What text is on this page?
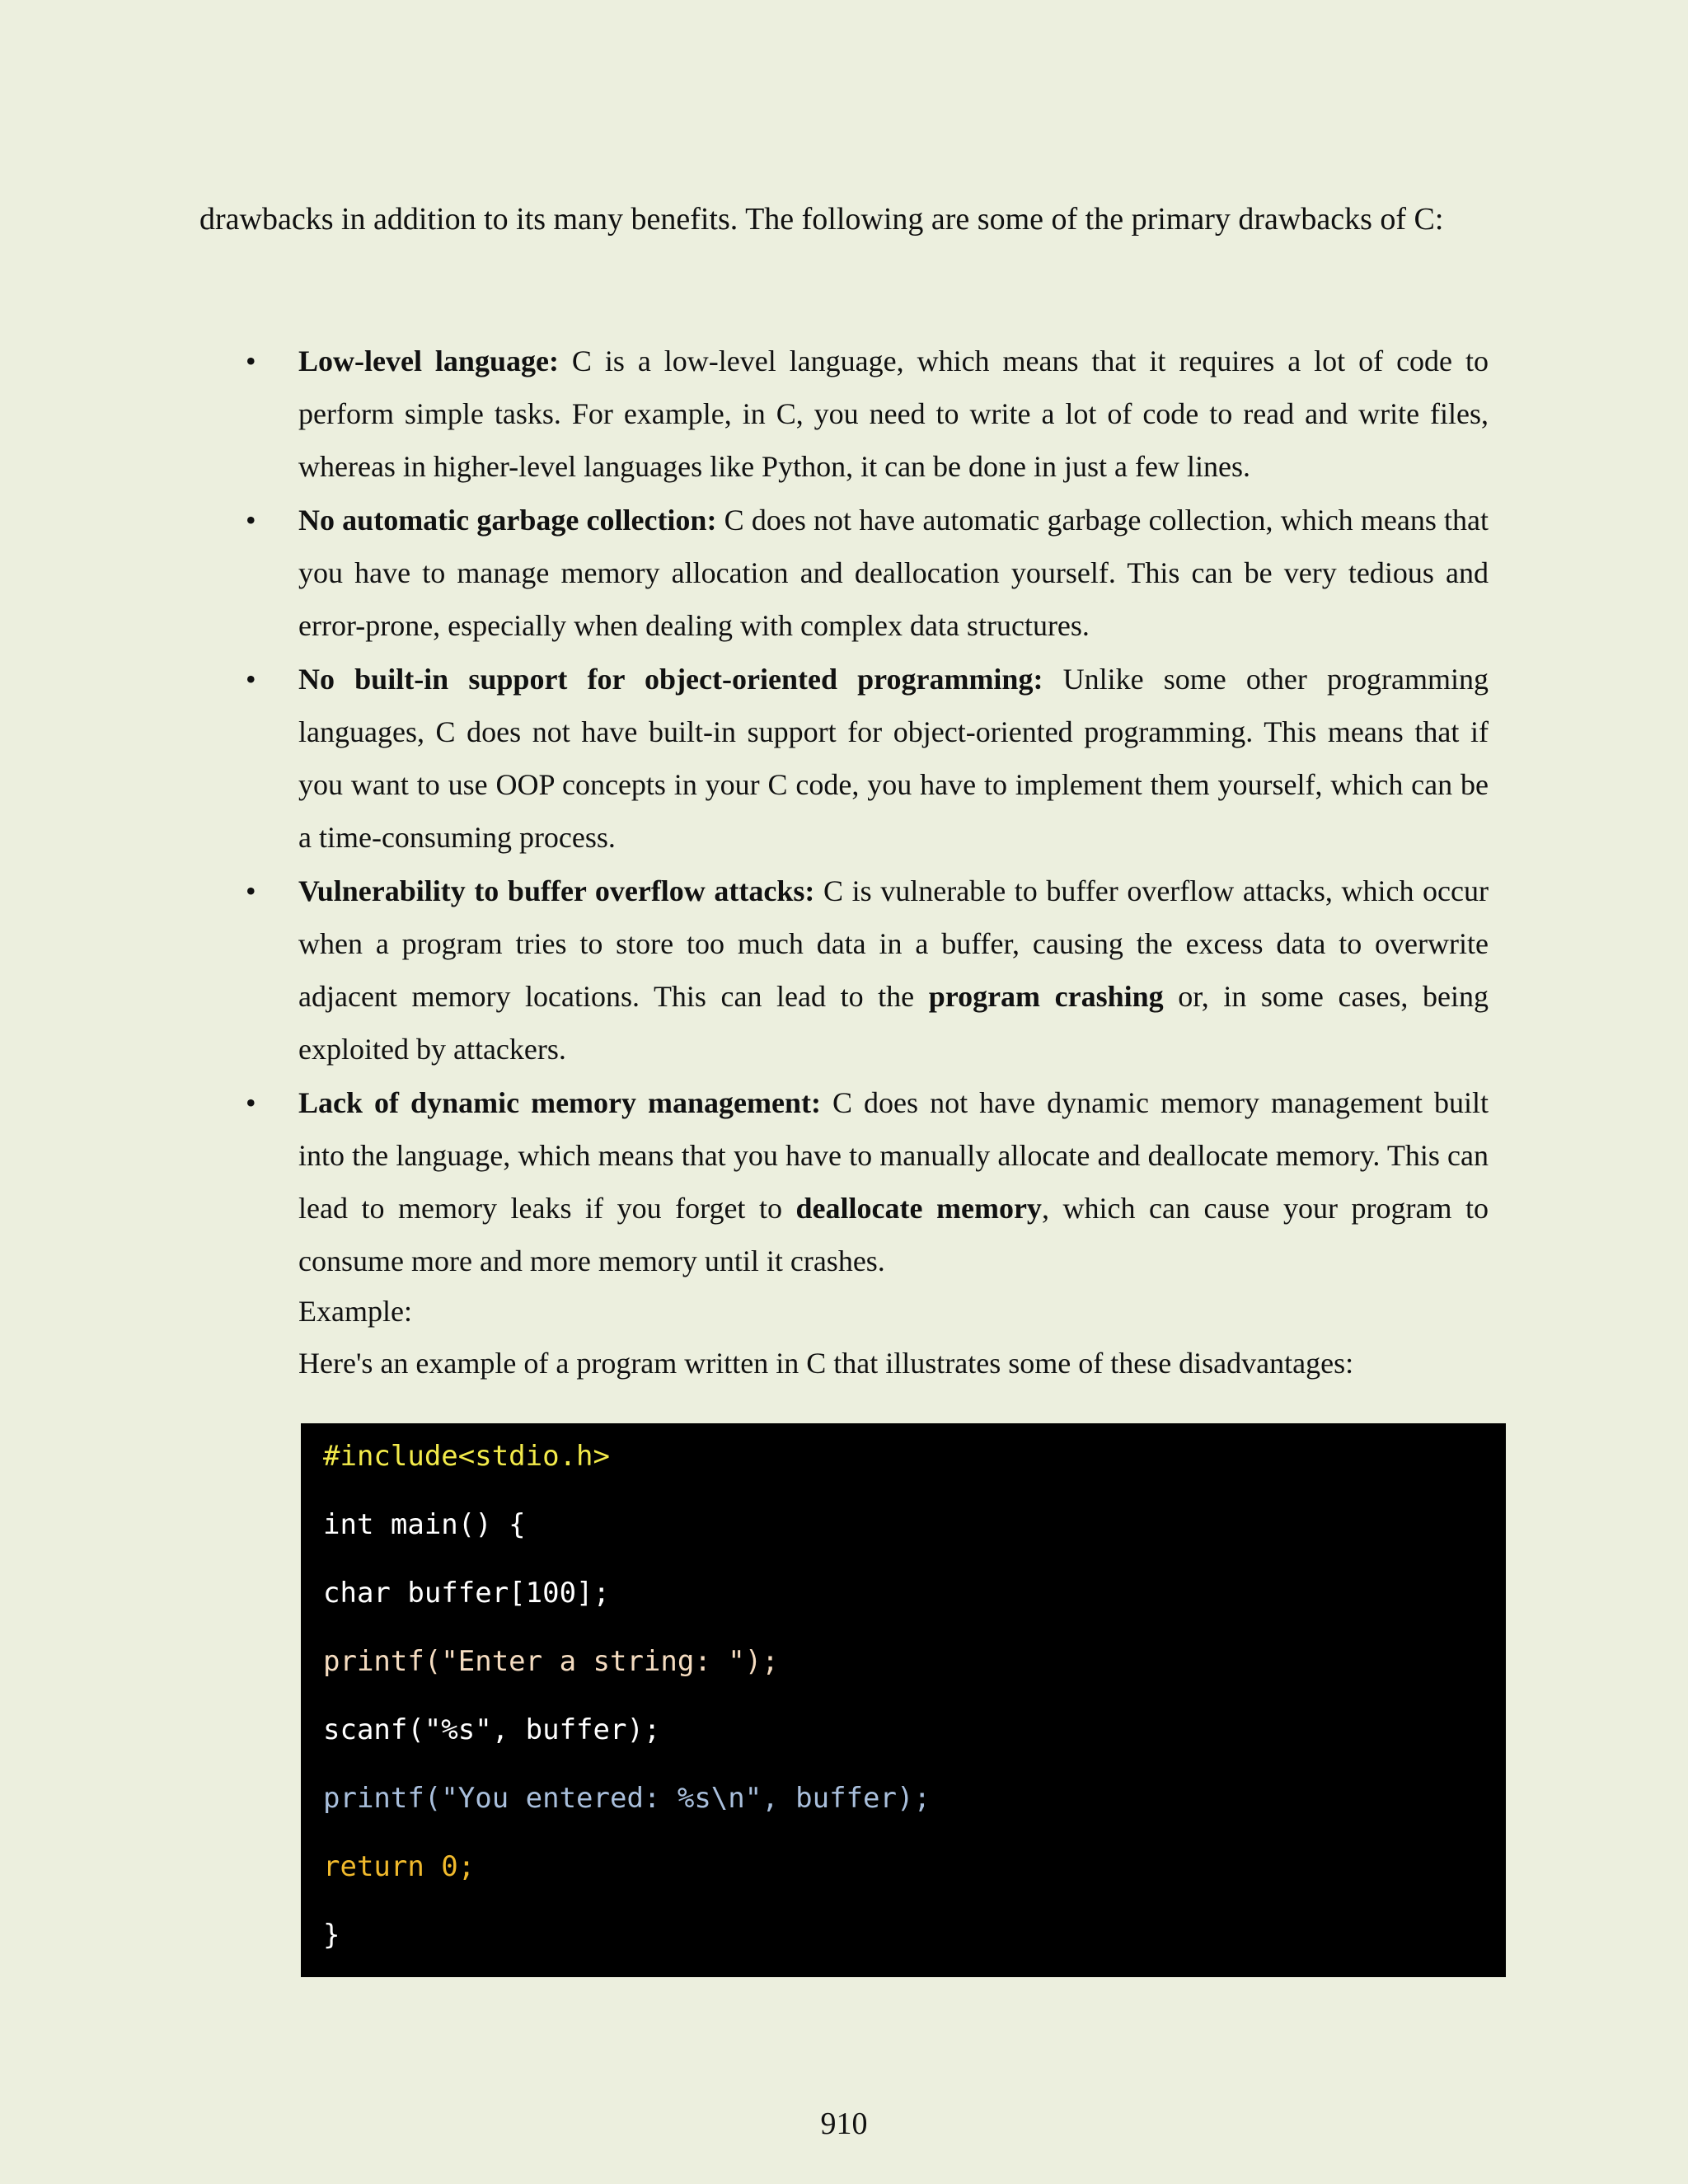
drawbacks in addition to its many benefits. The following are some of the primary drawbacks of C:

•
Low-level language: C is a low-level language, which means that it requires a lot of code to perform simple tasks. For example, in C, you need to write a lot of code to read and write files, whereas in higher-level languages like Python, it can be done in just a few lines.
•
No automatic garbage collection: C does not have automatic garbage collection, which means that you have to manage memory allocation and deallocation yourself. This can be very tedious and error-prone, especially when dealing with complex data structures.
•
No built-in support for object-oriented programming: Unlike some other programming languages, C does not have built-in support for object-oriented programming. This means that if you want to use OOP concepts in your C code, you have to implement them yourself, which can be a time-consuming process.
•
Vulnerability to buffer overflow attacks: C is vulnerable to buffer overflow attacks, which occur when a program tries to store too much data in a buffer, causing the excess data to overwrite adjacent memory locations. This can lead to the program crashing or, in some cases, being exploited by attackers.
•
Lack of dynamic memory management: C does not have dynamic memory management built into the language, which means that you have to manually allocate and deallocate memory. This can lead to memory leaks if you forget to deallocate memory, which can cause your program to consume more and more memory until it crashes.

Example:

Here's an example of a program written in C that illustrates some of these disadvantages:

#include<stdio.h>
int main() {
char buffer[100];
printf("Enter a string: ");
scanf("%s", buffer);
printf("You entered: %s\n", buffer);
return 0;
}
910
